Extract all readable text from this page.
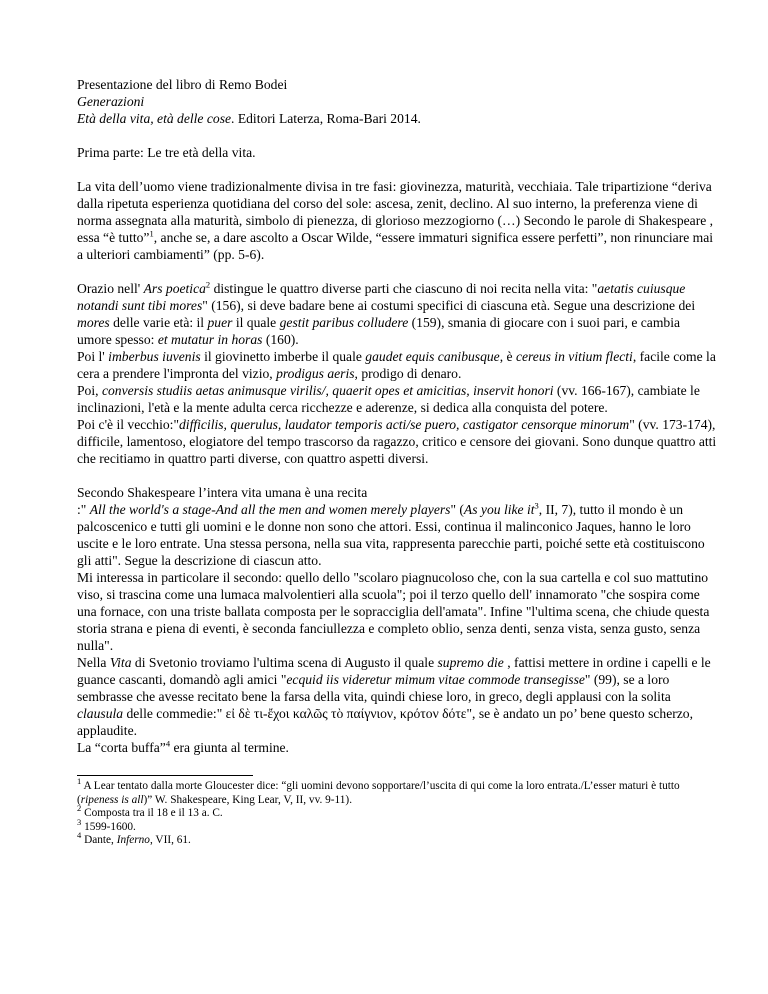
Presentazione del libro di Remo Bodei

Generazioni

Età della vita, età delle cose. Editori Laterza, Roma-Bari 2014.

Prima parte: Le tre età della vita.

La vita dell’uomo viene tradizionalmente divisa in tre fasi: giovinezza, maturità, vecchiaia. Tale tripartizione “deriva dalla ripetuta esperienza quotidiana del corso del sole: ascesa, zenit, declino. Al suo interno, la preferenza viene di norma assegnata alla maturità, simbolo di pienezza, di glorioso mezzogiorno (…) Secondo le parole di Shakespeare , essa “è tutto”$^1$, anche se, a dare ascolto a Oscar Wilde, “essere immaturi significa essere perfetti”, non rinunciare mai a ulteriori cambiamenti” (pp. 5-6).

Orazio nell' Ars poetica$^2$ distingue le quattro diverse parti che ciascuno di noi recita nella vita: "aetatis cuiusque notandi sunt tibi mores" (156), si deve badare bene ai costumi specifici di ciascuna età. Segue una descrizione dei mores delle varie età: il puer il quale gestit paribus colludere (159), smania di giocare con i suoi pari, e cambia umore spesso: et mutatur in horas (160).

Poi l' imberbus iuvenis il giovinetto imberbe il quale gaudet equis canibusque, è cereus in vitium flecti, facile come la cera a prendere l'impronta del vizio, prodigus aeris, prodigo di denaro.

Poi, conversis studiis aetas animusque virilis/, quaerit opes et amicitias, inservit honori (vv. 166-167), cambiate le inclinazioni, l'età e la mente adulta cerca ricchezze e aderenze, si dedica alla conquista del potere.

Poi c'è il vecchio:"difficilis, querulus, laudator temporis acti/se puero, castigator censorque minorum" (vv. 173-174), difficile, lamentoso, elogiatore del tempo trascorso da ragazzo, critico e censore dei giovani. Sono dunque quattro atti che recitiamo in quattro parti diverse, con quattro aspetti diversi.

Secondo Shakespeare l’intera vita umana è una recita
:" All the world's a stage-And all the men and women merely players" (As you like $it^3$, II, 7), tutto il mondo è un palcoscenico e tutti gli uomini e le donne non sono che attori. Essi, continua il malinconico Jaques, hanno le loro uscite e le loro entrate. Una stessa persona, nella sua vita, rappresenta parecchie parti, poiché sette età costituiscono gli atti". Segue la descrizione di ciascun atto.

Mi interessa in particolare il secondo: quello dello "scolaro piagnucoloso che, con la sua cartella e col suo mattutino viso, si trascina come una lumaca malvolentieri alla scuola"; poi il terzo quello dell' innamorato "che sospira come una fornace, con una triste ballata composta per le sopracciglia dell'amata". Infine "l'ultima scena, che chiude questa storia strana e piena di eventi, è seconda fanciullezza e completo oblio, senza denti, senza vista, senza gusto, senza nulla".

Nella Vita di Svetonio troviamo l'ultima scena di Augusto il quale supremo die , fattisi mettere in ordine i capelli e le guance cascanti, domandò agli amici "ecquid iis videretur mimum vitae commode transegisse" (99), se a loro sembrasse che avesse recitato bene la farsa della vita, quindi chiese loro, in greco, degli applausi con la solita clausula delle commedie:" εἰ δὲ τι-ἔχοι καλῶς τὸ παίγνιον, κρότον δότε", se è andato un po’ bene questo scherzo, applaudite.

La “corta buffa”$^4$ era giunta al termine.

$^1$ A Lear tentato dalla morte Gloucester dice: “gli uomini devono sopportare/l’uscita di qui come la loro entrata./L’esser maturi è tutto (ripeness is all)” W. Shakespeare, King Lear, V, II, vv. 9-11).
$^2$ Composta tra il 18 e il 13 a. C.
$^3$ 1599-1600.
$^4$ Dante, Inferno, VII, 61.
